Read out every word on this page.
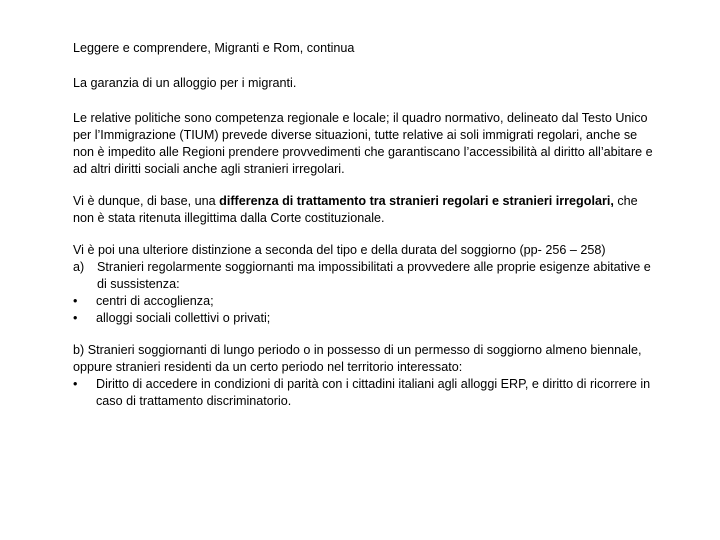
Leggere e comprendere, Migranti e Rom, continua

La garanzia di un alloggio per i migranti.

Le relative politiche sono competenza regionale e locale; il quadro normativo, delineato dal Testo Unico per l’Immigrazione (TIUM) prevede diverse situazioni, tutte relative ai soli immigrati regolari, anche se non è impedito alle Regioni prendere provvedimenti che garantiscano l’accessibilità al diritto all’abitare e ad altri diritti sociali anche agli stranieri irregolari.

Vi è dunque, di base, una differenza di trattamento tra stranieri regolari e stranieri irregolari, che non è stata ritenuta illegittima dalla Corte costituzionale.

Vi è poi una ulteriore distinzione a seconda del tipo e della durata del soggiorno (pp- 256 – 258)

a)	Stranieri regolarmente soggiornanti ma impossibilitati a provvedere alle proprie esigenze abitative e di sussistenza:
•	centri di accoglienza;
•	alloggi sociali collettivi o privati;

b) Stranieri soggiornanti di lungo periodo o in possesso di un permesso di soggiorno almeno biennale, oppure stranieri residenti da un certo periodo nel territorio interessato:

•	Diritto di accedere in condizioni di parità con i cittadini italiani agli alloggi ERP, e diritto di ricorrere in caso di trattamento discriminatorio.
